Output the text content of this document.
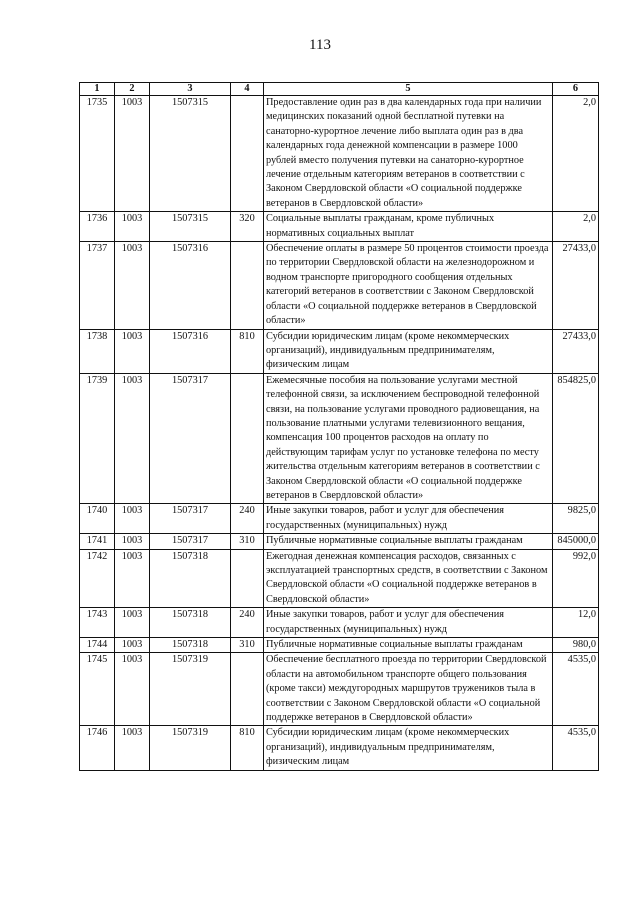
113
1	2	3	4	5	6
1735	1003	1507315		Предоставление один раз в два календарных года при наличии медицинских показаний одной бесплатной путевки на санаторно-курортное лечение либо выплата один раз в два календарных года денежной компенсации в размере 1000 рублей вместо получения путевки на санаторно-курортное лечение отдельным категориям ветеранов в соответствии с Законом Свердловской области «О социальной поддержке ветеранов в Свердловской области»	2,0
1736	1003	1507315	320	Социальные выплаты гражданам, кроме публичных нормативных социальных выплат	2,0
1737	1003	1507316		Обеспечение оплаты в размере 50 процентов стоимости проезда по территории Свердловской области на железнодорожном и водном транспорте пригородного сообщения отдельных категорий ветеранов в соответствии с Законом Свердловской области «О социальной поддержке ветеранов в Свердловской области»	27433,0
1738	1003	1507316	810	Субсидии юридическим лицам (кроме некоммерческих организаций), индивидуальным предпринимателям, физическим лицам	27433,0
1739	1003	1507317		Ежемесячные пособия на пользование услугами местной телефонной связи, за исключением беспроводной телефонной связи, на пользование услугами проводного радиовещания, на пользование платными услугами телевизионного вещания, компенсация 100 процентов расходов на оплату по действующим тарифам услуг по установке телефона по месту жительства отдельным категориям ветеранов в соответствии с Законом Свердловской области «О социальной поддержке ветеранов в Свердловской области»	854825,0
1740	1003	1507317	240	Иные закупки товаров, работ и услуг для обеспечения государственных (муниципальных) нужд	9825,0
1741	1003	1507317	310	Публичные нормативные социальные выплаты гражданам	845000,0
1742	1003	1507318		Ежегодная денежная компенсация расходов, связанных с эксплуатацией транспортных средств, в соответствии с Законом Свердловской области «О социальной поддержке ветеранов в Свердловской области»	992,0
1743	1003	1507318	240	Иные закупки товаров, работ и услуг для обеспечения государственных (муниципальных) нужд	12,0
1744	1003	1507318	310	Публичные нормативные социальные выплаты гражданам	980,0
1745	1003	1507319		Обеспечение бесплатного проезда по территории Свердловской области на автомобильном транспорте общего пользования (кроме такси) междугородных маршрутов тружеников тыла в соответствии с Законом Свердловской области «О социальной поддержке ветеранов в Свердловской области»	4535,0
1746	1003	1507319	810	Субсидии юридическим лицам (кроме некоммерческих организаций), индивидуальным предпринимателям, физическим лицам	4535,0
